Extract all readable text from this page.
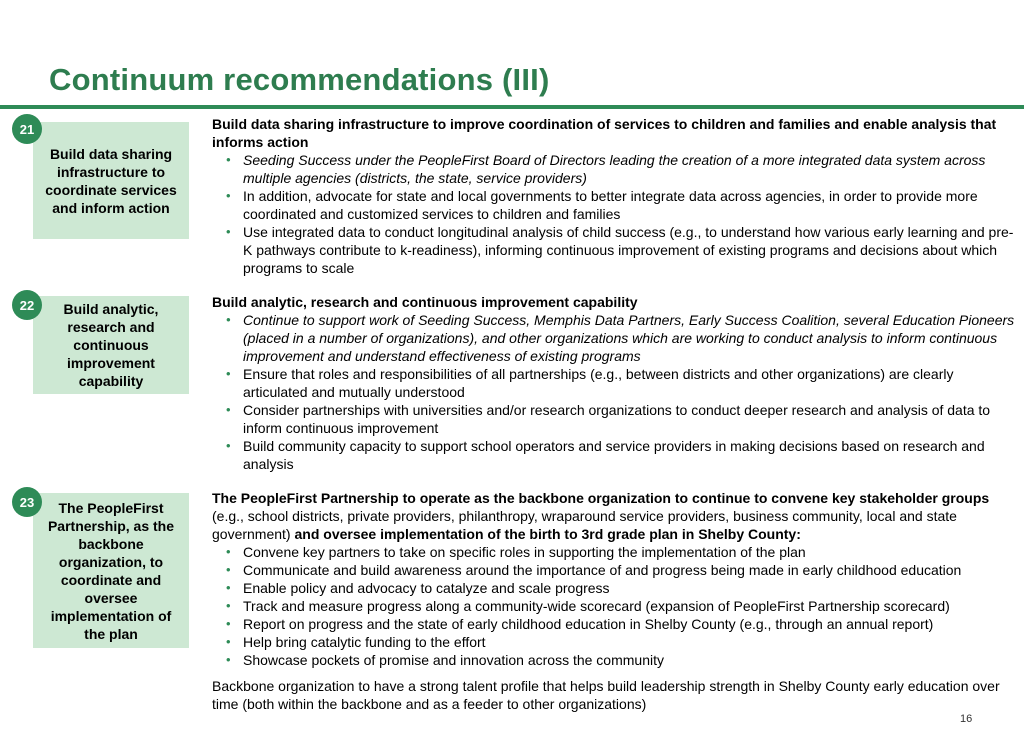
Continuum recommendations (III)
21
Build data sharing infrastructure to coordinate services and inform action
Build data sharing infrastructure to improve coordination of services to children and families and enable analysis that informs action
• Seeding Success under the PeopleFirst Board of Directors leading the creation of a more integrated data system across multiple agencies (districts, the state, service providers)
• In addition, advocate for state and local governments to better integrate data across agencies, in order to provide more coordinated and customized services to children and families
• Use integrated data to conduct longitudinal analysis of child success (e.g., to understand how various early learning and pre-K pathways contribute to k-readiness), informing continuous improvement of existing programs and decisions about which programs to scale
22	Build analytic, research and continuous improvement capability
Build analytic, research and continuous improvement capability
• Continue to support work of Seeding Success, Memphis Data Partners, Early Success Coalition, several Education Pioneers (placed in a number of organizations), and other organizations which are working to conduct analysis to inform continuous improvement and understand effectiveness of existing programs
• Ensure that roles and responsibilities of all partnerships (e.g., between districts and other organizations) are clearly articulated and mutually understood
• Consider partnerships with universities and/or research organizations to conduct deeper research and analysis of data to inform continuous improvement
• Build community capacity to support school operators and service providers in making decisions based on research and analysis
23	The PeopleFirst Partnership, as the backbone organization, to coordinate and oversee implementation of the plan
The PeopleFirst Partnership to operate as the backbone organization to continue to convene key stakeholder groups (e.g., school districts, private providers, philanthropy, wraparound service providers, business community, local and state government) and oversee implementation of the birth to 3rd grade plan in Shelby County:
• Convene key partners to take on specific roles in supporting the implementation of the plan
• Communicate and build awareness around the importance of and progress being made in early childhood education
• Enable policy and advocacy to catalyze and scale progress
• Track and measure progress along a community-wide scorecard (expansion of PeopleFirst Partnership scorecard)
• Report on progress and the state of early childhood education in Shelby County (e.g., through an annual report)
• Help bring catalytic funding to the effort
• Showcase pockets of promise and innovation across the community
Backbone organization to have a strong talent profile that helps build leadership strength in Shelby County early education over time (both within the backbone and as a feeder to other organizations)
16
